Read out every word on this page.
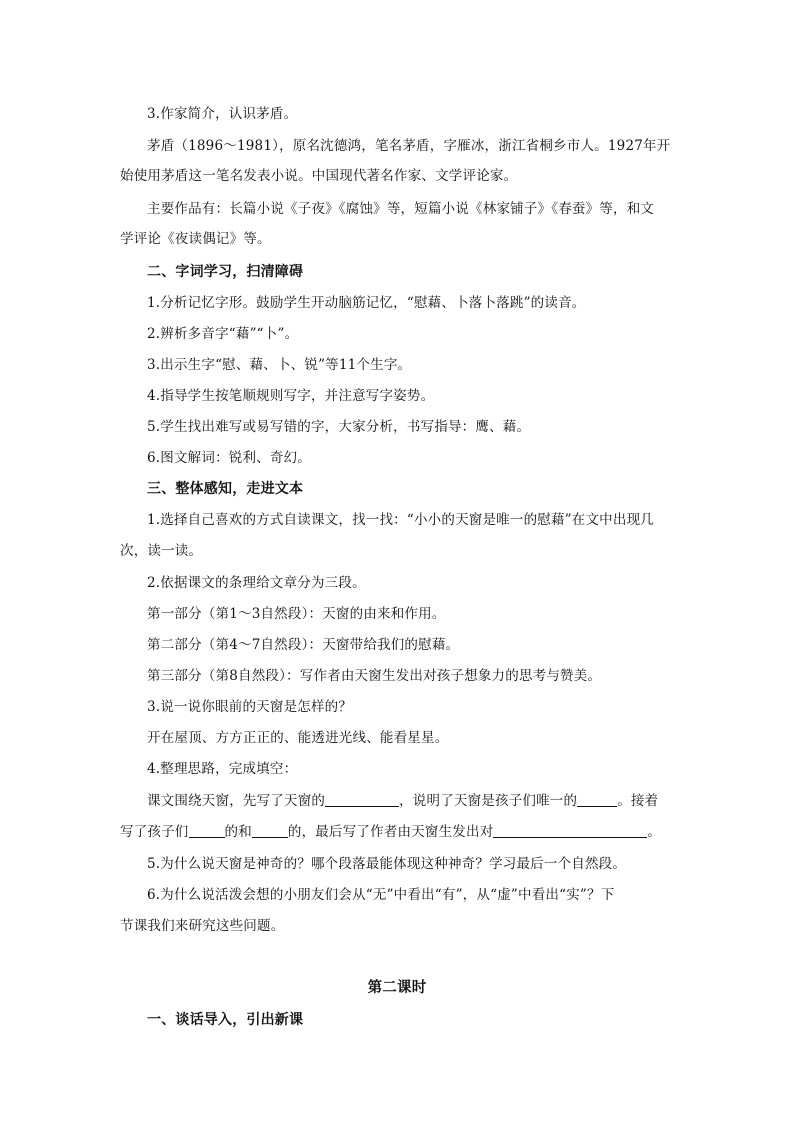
3.作家简介，认识茅盾。
茅盾（1896～1981），原名沈德鸿，笔名茅盾，字雁冰，浙江省桐乡市人。1927年开
始使用茅盾这一笔名发表小说。中国现代著名作家、文学评论家。
主要作品有：长篇小说《子夜》《腐蚀》等，短篇小说《林家铺子》《春蚕》等，和文
学评论《夜读偶记》等。
二、字词学习，扫清障碍
1.分析记忆字形。鼓励学生开动脑筋记忆，“慰藉、卜落卜落跳”的读音。
2.辨析多音字“藉”“卜”。
3.出示生字“慰、藉、卜、锐”等11个生字。
4.指导学生按笔顺规则写字，并注意写字姿势。
5.学生找出难写或易写错的字，大家分析，书写指导：鹰、藉。
6.图文解词：锐利、奇幻。
三、整体感知，走进文本
1.选择自己喜欢的方式自读课文，找一找：“小小的天窗是唯一的慰藉”在文中出现几
次，读一读。
2.依据课文的条理给文章分为三段。
第一部分（第1～3自然段）：天窗的由来和作用。
第二部分（第4～7自然段）：天窗带给我们的慰藉。
第三部分（第8自然段）：写作者由天窗生发出对孩子想象力的思考与赞美。
3.说一说你眼前的天窗是怎样的？
开在屋顶、方方正正的、能透进光线、能看星星。
4.整理思路，完成填空：
课文围绕天窗，先写了天窗的	，说明了天窗是孩子们唯一的	。接着
写了孩子们	的和	的，最后写了作者由天窗生发出对	。
5.为什么说天窗是神奇的？哪个段落最能体现这种神奇？学习最后一个自然段。
6.为什么说活泼会想的小朋友们会从“无”中看出“有”，从“虚”中看出“实”？下
节课我们来研究这些问题。
第二课时
一、谈话导入，引出新课
